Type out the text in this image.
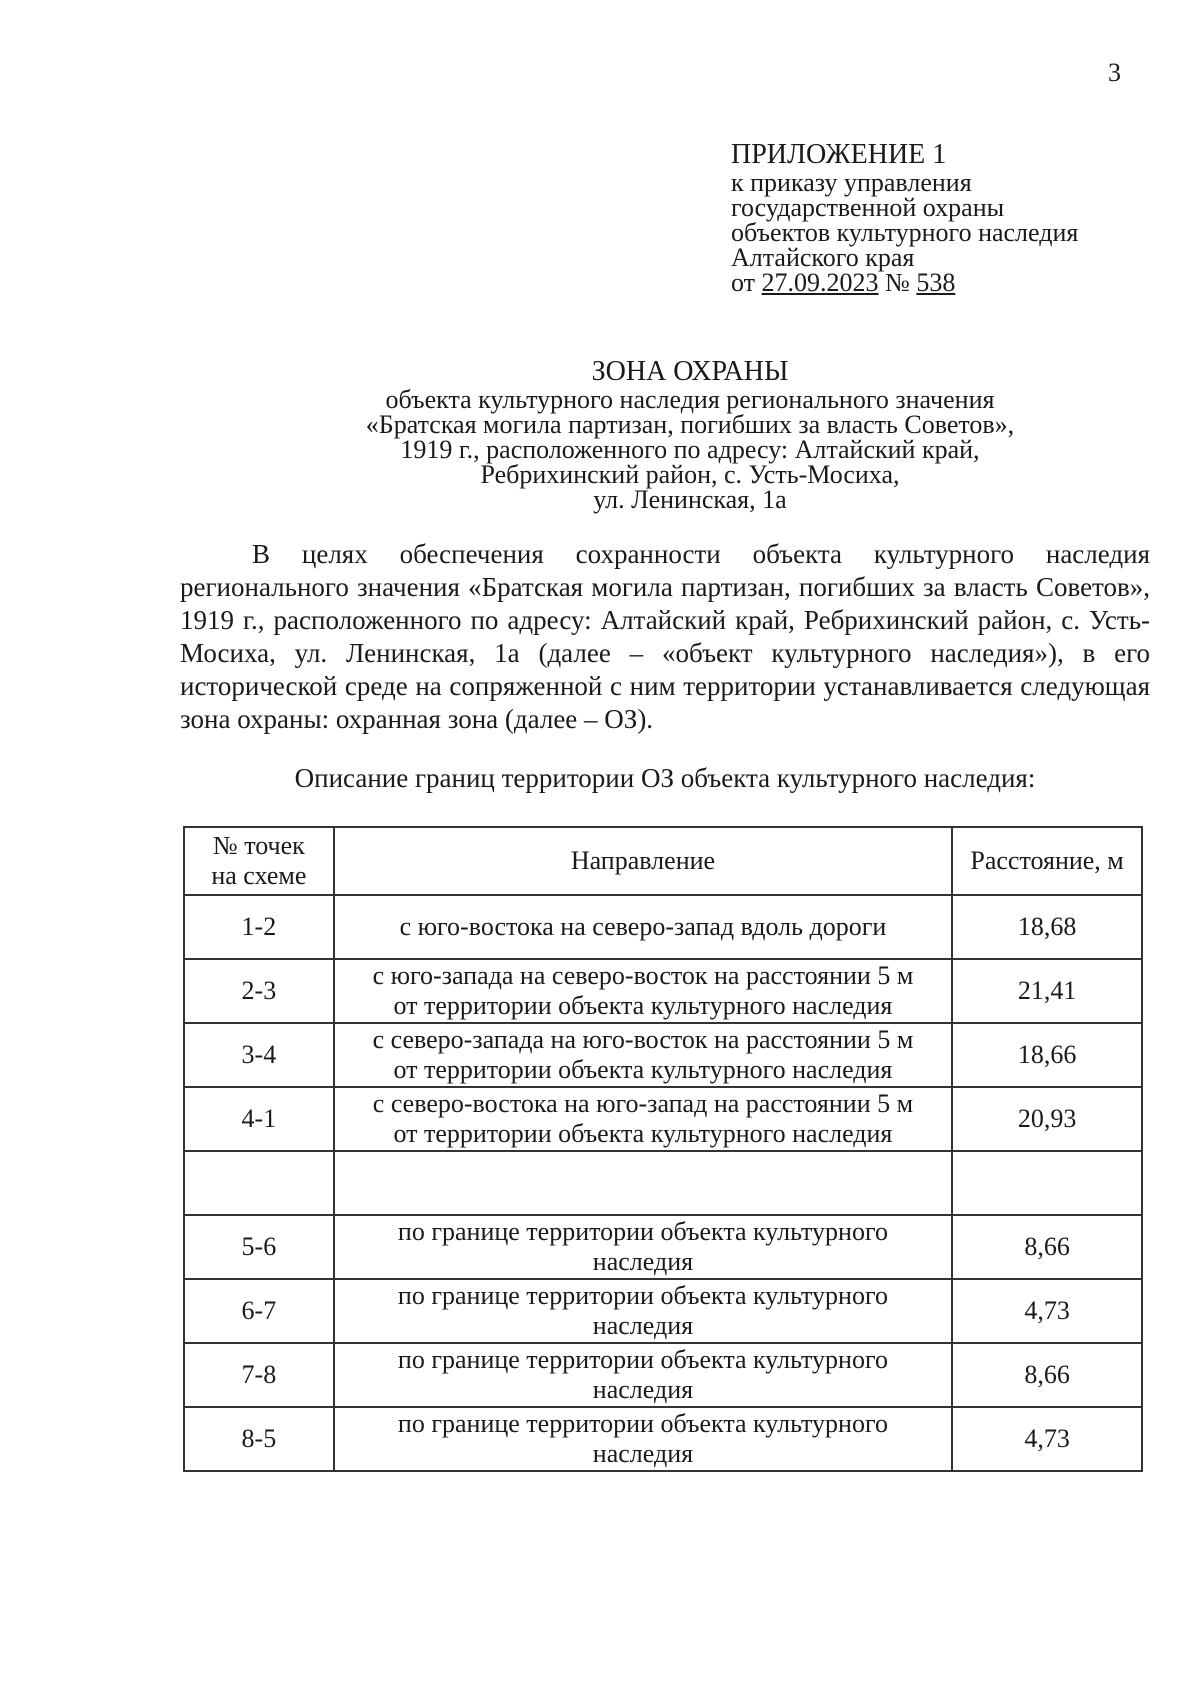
3
ПРИЛОЖЕНИЕ 1
к приказу управления
государственной охраны
объектов культурного наследия
Алтайского края
от 27.09.2023 № 538
ЗОНА ОХРАНЫ
объекта культурного наследия регионального значения
«Братская могила партизан, погибших за власть Советов»,
1919 г., расположенного по адресу: Алтайский край,
Ребрихинский район, с. Усть-Мосиха,
ул. Ленинская, 1а
В целях обеспечения сохранности объекта культурного наследия регионального значения «Братская могила партизан, погибших за власть Советов», 1919 г., расположенного по адресу: Алтайский край, Ребрихинский район, с. Усть-Мосиха, ул. Ленинская, 1а (далее – «объект культурного наследия»), в его исторической среде на сопряженной с ним территории устанавливается следующая зона охраны: охранная зона (далее – ОЗ).
Описание границ территории ОЗ объекта культурного наследия:
№ точек
на схеме	Направление	Расстояние, м
1-2	с юго-востока на северо-запад вдоль дороги	18,68
2-3	с юго-запада на северо-восток на расстоянии 5 м
от территории объекта культурного наследия	21,41
3-4	с северо-запада на юго-восток на расстоянии 5 м
от территории объекта культурного наследия	18,66
4-1	с северо-востока на юго-запад на расстоянии 5 м
от территории объекта культурного наследия	20,93

5-6	по границе территории объекта культурного
наследия	8,66
6-7	по границе территории объекта культурного
наследия	4,73
7-8	по границе территории объекта культурного
наследия	8,66
8-5	по границе территории объекта культурного
наследия	4,73
